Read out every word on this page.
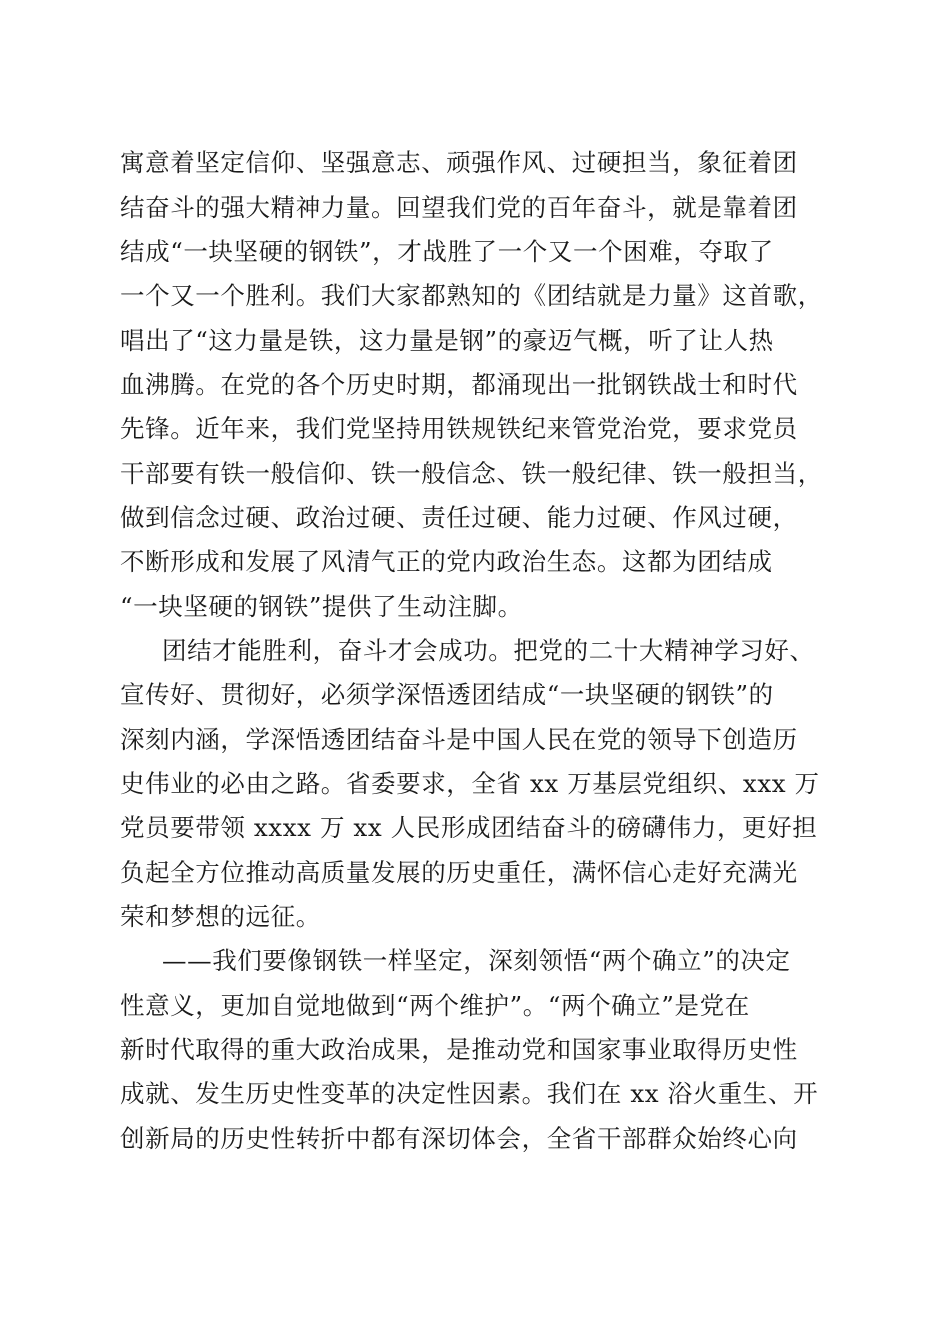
寓意着坚定信仰、坚强意志、顽强作风、过硬担当，象征着团
结奋斗的强大精神力量。回望我们党的百年奋斗，就是靠着团
结成“一块坚硬的钢铁”，才战胜了一个又一个困难，夺取了
一个又一个胜利。我们大家都熟知的《团结就是力量》这首歌，
唱出了“这力量是铁，这力量是钢”的豪迈气概，听了让人热
血沸腾。在党的各个历史时期，都涌现出一批钢铁战士和时代
先锋。近年来，我们党坚持用铁规铁纪来管党治党，要求党员
干部要有铁一般信仰、铁一般信念、铁一般纪律、铁一般担当，
做到信念过硬、政治过硬、责任过硬、能力过硬、作风过硬，
不断形成和发展了风清气正的党内政治生态。这都为团结成
“一块坚硬的钢铁”提供了生动注脚。
团结才能胜利，奋斗才会成功。把党的二十大精神学习好、
宣传好、贯彻好，必须学深悟透团结成“一块坚硬的钢铁”的
深刻内涵，学深悟透团结奋斗是中国人民在党的领导下创造历
史伟业的必由之路。省委要求，全省 xx 万基层党组织、xxx 万
党员要带领 xxxx 万 xx 人民形成团结奋斗的磅礴伟力，更好担
负起全方位推动高质量发展的历史重任，满怀信心走好充满光
荣和梦想的远征。
——我们要像钢铁一样坚定，深刻领悟“两个确立”的决定
性意义，更加自觉地做到“两个维护”。“两个确立”是党在
新时代取得的重大政治成果，是推动党和国家事业取得历史性
成就、发生历史性变革的决定性因素。我们在 xx 浴火重生、开
创新局的历史性转折中都有深切体会，全省干部群众始终心向
